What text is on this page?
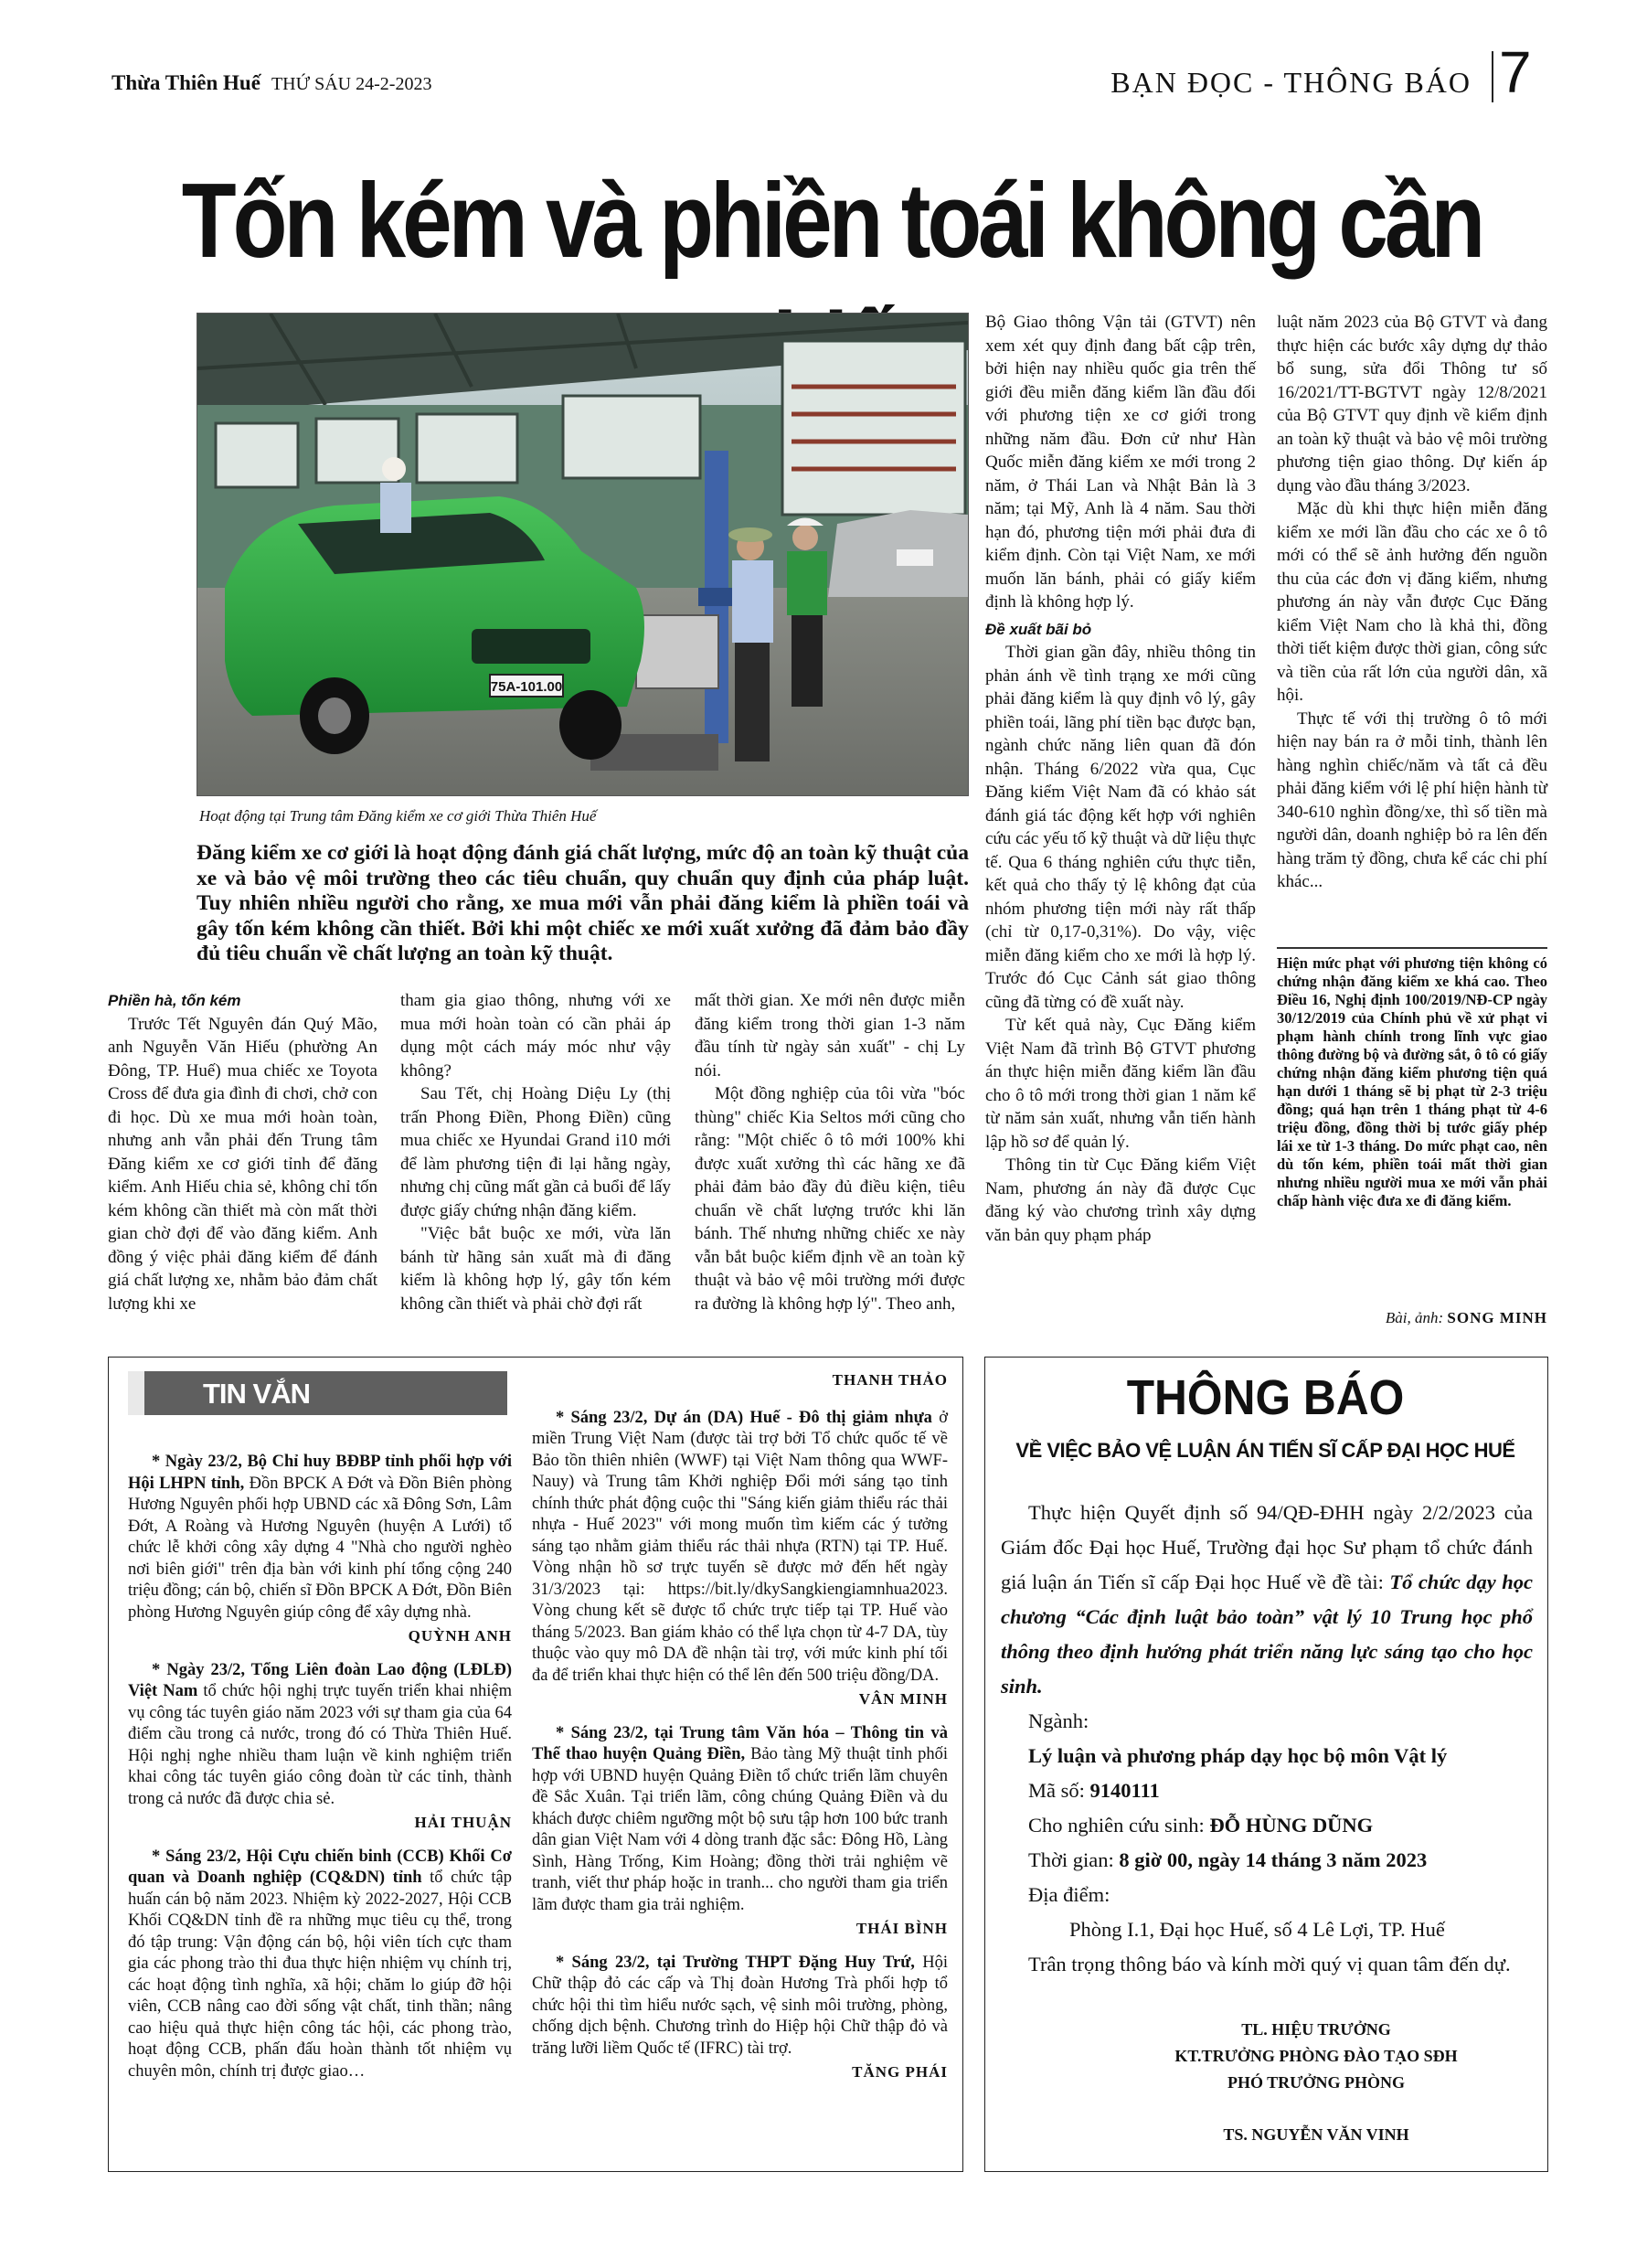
Thừa Thiên Huế THỨ SÁU 24-2-2023	BẠN ĐỌC - THÔNG BÁO 7
Tốn kém và phiền toái không cần
75A-101.00
Hoạt động tại Trung tâm Đăng kiểm xe cơ giới Thừa Thiên Huế
Đăng kiểm xe cơ giới là hoạt động đánh giá chất lượng, mức độ an toàn kỹ thuật của xe và bảo vệ môi trường theo các tiêu chuẩn, quy chuẩn quy định của pháp luật. Tuy nhiên nhiều người cho rằng, xe mua mới vẫn phải đăng kiểm là phiền toái và gây tốn kém không cần thiết. Bởi khi một chiếc xe mới xuất xưởng đã đảm bảo đầy đủ tiêu chuẩn về chất lượng an toàn kỹ thuật.

Phiền hà, tốn kém

Trước Tết Nguyên đán Quý Mão, anh Nguyễn Văn Hiếu (phường An Đông, TP. Huế) mua chiếc xe Toyota Cross để đưa gia đình đi chơi, chở con đi học. Dù xe mua mới hoàn toàn, nhưng anh vẫn phải đến Trung tâm Đăng kiểm xe cơ giới tỉnh để đăng kiểm. Anh Hiếu chia sẻ, không chỉ tốn kém không cần thiết mà còn mất thời gian chờ đợi để vào đăng kiểm. Anh đồng ý việc phải đăng kiểm để đánh giá chất lượng xe, nhằm bảo đảm chất lượng khi xe

tham gia giao thông, nhưng với xe mua mới hoàn toàn có cần phải áp dụng một cách máy móc như vậy không?

Sau Tết, chị Hoàng Diệu Ly (thị trấn Phong Điền, Phong Điền) cũng mua chiếc xe Hyundai Grand i10 mới để làm phương tiện đi lại hằng ngày, nhưng chị cũng mất gần cả buổi để lấy được giấy chứng nhận đăng kiểm.

"Việc bắt buộc xe mới, vừa lăn bánh từ hãng sản xuất mà đi đăng kiểm là không hợp lý, gây tốn kém không cần thiết và phải chờ đợi rất

mất thời gian. Xe mới nên được miễn đăng kiểm trong thời gian 1-3 năm đầu tính từ ngày sản xuất" - chị Ly nói.

Một đồng nghiệp của tôi vừa "bóc thùng" chiếc Kia Seltos mới cũng cho rằng: "Một chiếc ô tô mới 100% khi được xuất xưởng thì các hãng xe đã phải đảm bảo đầy đủ điều kiện, tiêu chuẩn về chất lượng trước khi lăn bánh. Thế nhưng những chiếc xe này vẫn bắt buộc kiểm định về an toàn kỹ thuật và bảo vệ môi trường mới được ra đường là không hợp lý". Theo anh,

Bộ Giao thông Vận tải (GTVT) nên xem xét quy định đang bất cập trên, bởi hiện nay nhiều quốc gia trên thế giới đều miễn đăng kiểm lần đầu đối với phương tiện xe cơ giới trong những năm đầu. Đơn cử như Hàn Quốc miễn đăng kiểm xe mới trong 2 năm, ở Thái Lan và Nhật Bản là 3 năm; tại Mỹ, Anh là 4 năm. Sau thời hạn đó, phương tiện mới phải đưa đi kiểm định. Còn tại Việt Nam, xe mới muốn lăn bánh, phải có giấy kiểm định là không hợp lý.

Đề xuất bãi bỏ

Thời gian gần đây, nhiều thông tin phản ánh về tình trạng xe mới cũng phải đăng kiểm là quy định vô lý, gây phiền toái, lãng phí tiền bạc được bạn, ngành chức năng liên quan đã đón nhận. Tháng 6/2022 vừa qua, Cục Đăng kiểm Việt Nam đã có khảo sát đánh giá tác động kết hợp với nghiên cứu các yếu tố kỹ thuật và dữ liệu thực tế. Qua 6 tháng nghiên cứu thực tiễn, kết quả cho thấy tỷ lệ không đạt của nhóm phương tiện mới này rất thấp (chỉ từ 0,17-0,31%). Do vậy, việc miễn đăng kiểm cho xe mới là hợp lý. Trước đó Cục Cảnh sát giao thông cũng đã từng có đề xuất này.

Từ kết quả này, Cục Đăng kiểm Việt Nam đã trình Bộ GTVT phương án thực hiện miễn đăng kiểm lần đầu cho ô tô mới trong thời gian 1 năm kể từ năm sản xuất, nhưng vẫn tiến hành lập hồ sơ để quản lý.

Thông tin từ Cục Đăng kiểm Việt Nam, phương án này đã được Cục đăng ký vào chương trình xây dựng văn bản quy phạm pháp

luật năm 2023 của Bộ GTVT và đang thực hiện các bước xây dựng dự thảo bổ sung, sửa đổi Thông tư số 16/2021/TT-BGTVT ngày 12/8/2021 của Bộ GTVT quy định về kiểm định an toàn kỹ thuật và bảo vệ môi trường phương tiện giao thông. Dự kiến áp dụng vào đầu tháng 3/2023.

Mặc dù khi thực hiện miễn đăng kiểm xe mới lần đầu cho các xe ô tô mới có thể sẽ ảnh hưởng đến nguồn thu của các đơn vị đăng kiểm, nhưng phương án này vẫn được Cục Đăng kiểm Việt Nam cho là khả thi, đồng thời tiết kiệm được thời gian, công sức và tiền của rất lớn của người dân, xã hội.

Thực tế với thị trường ô tô mới hiện nay bán ra ở mỗi tỉnh, thành lên hàng nghìn chiếc/năm và tất cả đều phải đăng kiểm với lệ phí hiện hành từ 340-610 nghìn đồng/xe, thì số tiền mà người dân, doanh nghiệp bỏ ra lên đến hàng trăm tỷ đồng, chưa kể các chi phí khác...

Hiện mức phạt với phương tiện không có chứng nhận đăng kiểm xe khá cao. Theo Điều 16, Nghị định 100/2019/NĐ-CP ngày 30/12/2019 của Chính phủ về xử phạt vi phạm hành chính trong lĩnh vực giao thông đường bộ và đường sắt, ô tô có giấy chứng nhận đăng kiểm phương tiện quá hạn dưới 1 tháng sẽ bị phạt từ 2-3 triệu đồng; quá hạn trên 1 tháng phạt từ 4-6 triệu đồng, đồng thời bị tước giấy phép lái xe từ 1-3 tháng. Do mức phạt cao, nên dù tốn kém, phiền toái mất thời gian nhưng nhiều người mua xe mới vẫn phải chấp hành việc đưa xe đi đăng kiểm.
Bài, ảnh: SONG MINH
TIN VẮN

* Ngày 23/2, Bộ Chỉ huy BĐBP tỉnh phối hợp với Hội LHPN tỉnh, Đồn BPCK A Đớt và Đồn Biên phòng Hương Nguyên phối hợp UBND các xã Đông Sơn, Lâm Đớt, A Roàng và Hương Nguyên (huyện A Lưới) tổ chức lễ khởi công xây dựng 4 "Nhà cho người nghèo nơi biên giới" trên địa bàn với kinh phí tổng cộng 240 triệu đồng; cán bộ, chiến sĩ Đồn BPCK A Đớt, Đồn Biên phòng Hương Nguyên giúp công để xây dựng nhà.

QUỲNH ANH

* Ngày 23/2, Tổng Liên đoàn Lao động (LĐLĐ) Việt Nam tổ chức hội nghị trực tuyến triển khai nhiệm vụ công tác tuyên giáo năm 2023 với sự tham gia của 64 điểm cầu trong cả nước, trong đó có Thừa Thiên Huế. Hội nghị nghe nhiều tham luận về kinh nghiệm triển khai công tác tuyên giáo công đoàn từ các tỉnh, thành trong cả nước đã được chia sẻ.

HẢI THUẬN

* Sáng 23/2, Hội Cựu chiến binh (CCB) Khối Cơ quan và Doanh nghiệp (CQ&DN) tỉnh tổ chức tập huấn cán bộ năm 2023. Nhiệm kỳ 2022-2027, Hội CCB Khối CQ&DN tỉnh đề ra những mục tiêu cụ thể, trong đó tập trung: Vận động cán bộ, hội viên tích cực tham gia các phong trào thi đua thực hiện nhiệm vụ chính trị, các hoạt động tình nghĩa, xã hội; chăm lo giúp đỡ hội viên, CCB nâng cao đời sống vật chất, tinh thần; nâng cao hiệu quả thực hiện công tác hội, các phong trào, hoạt động CCB, phấn đấu hoàn thành tốt nhiệm vụ chuyên môn, chính trị được giao…

THANH THẢO

* Sáng 23/2, Dự án (DA) Huế - Đô thị giảm nhựa ở miền Trung Việt Nam (được tài trợ bởi Tổ chức quốc tế về Bảo tồn thiên nhiên (WWF) tại Việt Nam thông qua WWF-Nauy) và Trung tâm Khởi nghiệp Đổi mới sáng tạo tỉnh chính thức phát động cuộc thi "Sáng kiến giảm thiểu rác thải nhựa - Huế 2023" với mong muốn tìm kiếm các ý tưởng sáng tạo nhằm giảm thiểu rác thải nhựa (RTN) tại TP. Huế. Vòng nhận hồ sơ trực tuyến sẽ được mở đến hết ngày 31/3/2023 tại: https://bit.ly/dkySangkiengiamnhua2023. Vòng chung kết sẽ được tổ chức trực tiếp tại TP. Huế vào tháng 5/2023. Ban giám khảo có thể lựa chọn từ 4-7 DA, tùy thuộc vào quy mô DA đề nhận tài trợ, với mức kinh phí tối đa để triển khai thực hiện có thể lên đến 500 triệu đồng/DA.

VÂN MINH

* Sáng 23/2, tại Trung tâm Văn hóa – Thông tin và Thể thao huyện Quảng Điền, Bảo tàng Mỹ thuật tỉnh phối hợp với UBND huyện Quảng Điền tổ chức triển lãm chuyên đề Sắc Xuân. Tại triển lãm, công chúng Quảng Điền và du khách được chiêm ngưỡng một bộ sưu tập hơn 100 bức tranh dân gian Việt Nam với 4 dòng tranh đặc sắc: Đông Hồ, Làng Sình, Hàng Trống, Kim Hoàng; đồng thời trải nghiệm vẽ tranh, viết thư pháp hoặc in tranh... cho người tham gia triển lãm được tham gia trải nghiệm.

THÁI BÌNH

* Sáng 23/2, tại Trường THPT Đặng Huy Trứ, Hội Chữ thập đỏ các cấp và Thị đoàn Hương Trà phối hợp tổ chức hội thi tìm hiểu nước sạch, vệ sinh môi trường, phòng, chống dịch bệnh. Chương trình do Hiệp hội Chữ thập đỏ và trăng lưỡi liềm Quốc tế (IFRC) tài trợ.

TĂNG PHÁI

THÔNG BÁO
VỀ VIỆC BẢO VỆ LUẬN ÁN TIẾN SĨ CẤP ĐẠI HỌC HUẾ
Thực hiện Quyết định số 94/QĐ-ĐHH ngày 2/2/2023 của Giám đốc Đại học Huế, Trường đại học Sư phạm tổ chức đánh giá luận án Tiến sĩ cấp Đại học Huế về đề tài: Tổ chức dạy học chương “Các định luật bảo toàn” vật lý 10 Trung học phổ thông theo định hướng phát triển năng lực sáng tạo cho học sinh.
Ngành:
Lý luận và phương pháp dạy học bộ môn Vật lý
Mã số: 9140111
Cho nghiên cứu sinh: ĐỖ HÙNG DŨNG
Thời gian: 8 giờ 00, ngày 14 tháng 3 năm 2023
Địa điểm:
Phòng I.1, Đại học Huế, số 4 Lê Lợi, TP. Huế
Trân trọng thông báo và kính mời quý vị quan tâm đến dự.
TL. HIỆU TRƯỞNG
KT.TRƯỞNG PHÒNG ĐÀO TẠO SĐH
PHÓ TRƯỞNG PHÒNG
TS. NGUYỄN VĂN VINH
